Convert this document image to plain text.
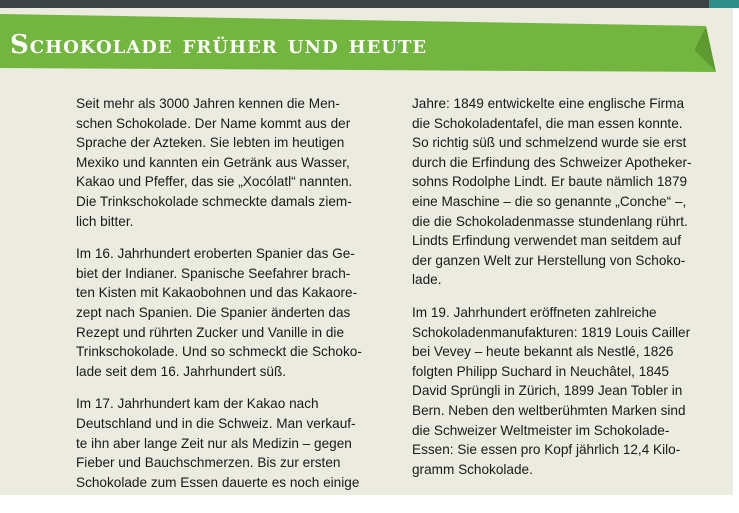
Schokolade früher und heute
Seit mehr als 3000 Jahren kennen die Men-
schen Schokolade. Der Name kommt aus der
Sprache der Azteken. Sie lebten im heutigen
Mexiko und kannten ein Getränk aus Wasser,
Kakao und Pfeffer, das sie „Xocólatl“ nannten.
Die Trinkschokolade schmeckte damals ziem-
lich bitter.
Im 16. Jahrhundert eroberten Spanier das Ge-
biet der Indianer. Spanische Seefahrer brach-
ten Kisten mit Kakaobohnen und das Kakaore-
zept nach Spanien. Die Spanier änderten das
Rezept und rührten Zucker und Vanille in die
Trinkschokolade. Und so schmeckt die Schoko-
lade seit dem 16. Jahrhundert süß.
Im 17. Jahrhundert kam der Kakao nach
Deutschland und in die Schweiz. Man verkauf-
te ihn aber lange Zeit nur als Medizin – gegen
Fieber und Bauchschmerzen. Bis zur ersten
Schokolade zum Essen dauerte es noch einige
Jahre: 1849 entwickelte eine englische Firma
die Schokoladentafel, die man essen konnte.
So richtig süß und schmelzend wurde sie erst
durch die Erfindung des Schweizer Apotheker-
sohns Rodolphe Lindt. Er baute nämlich 1879
eine Maschine – die so genannte „Conche“ –,
die die Schokoladenmasse stundenlang rührt.
Lindts Erfindung verwendet man seitdem auf
der ganzen Welt zur Herstellung von Schoko-
lade.
Im 19. Jahrhundert eröffneten zahlreiche
Schokoladenmanufakturen: 1819 Louis Cailler
bei Vevey – heute bekannt als Nestlé, 1826
folgten Philipp Suchard in Neuchâtel, 1845
David Sprüngli in Zürich, 1899 Jean Tobler in
Bern. Neben den weltberühmten Marken sind
die Schweizer Weltmeister im Schokolade-
Essen: Sie essen pro Kopf jährlich 12,4 Kilo-
gramm Schokolade.
